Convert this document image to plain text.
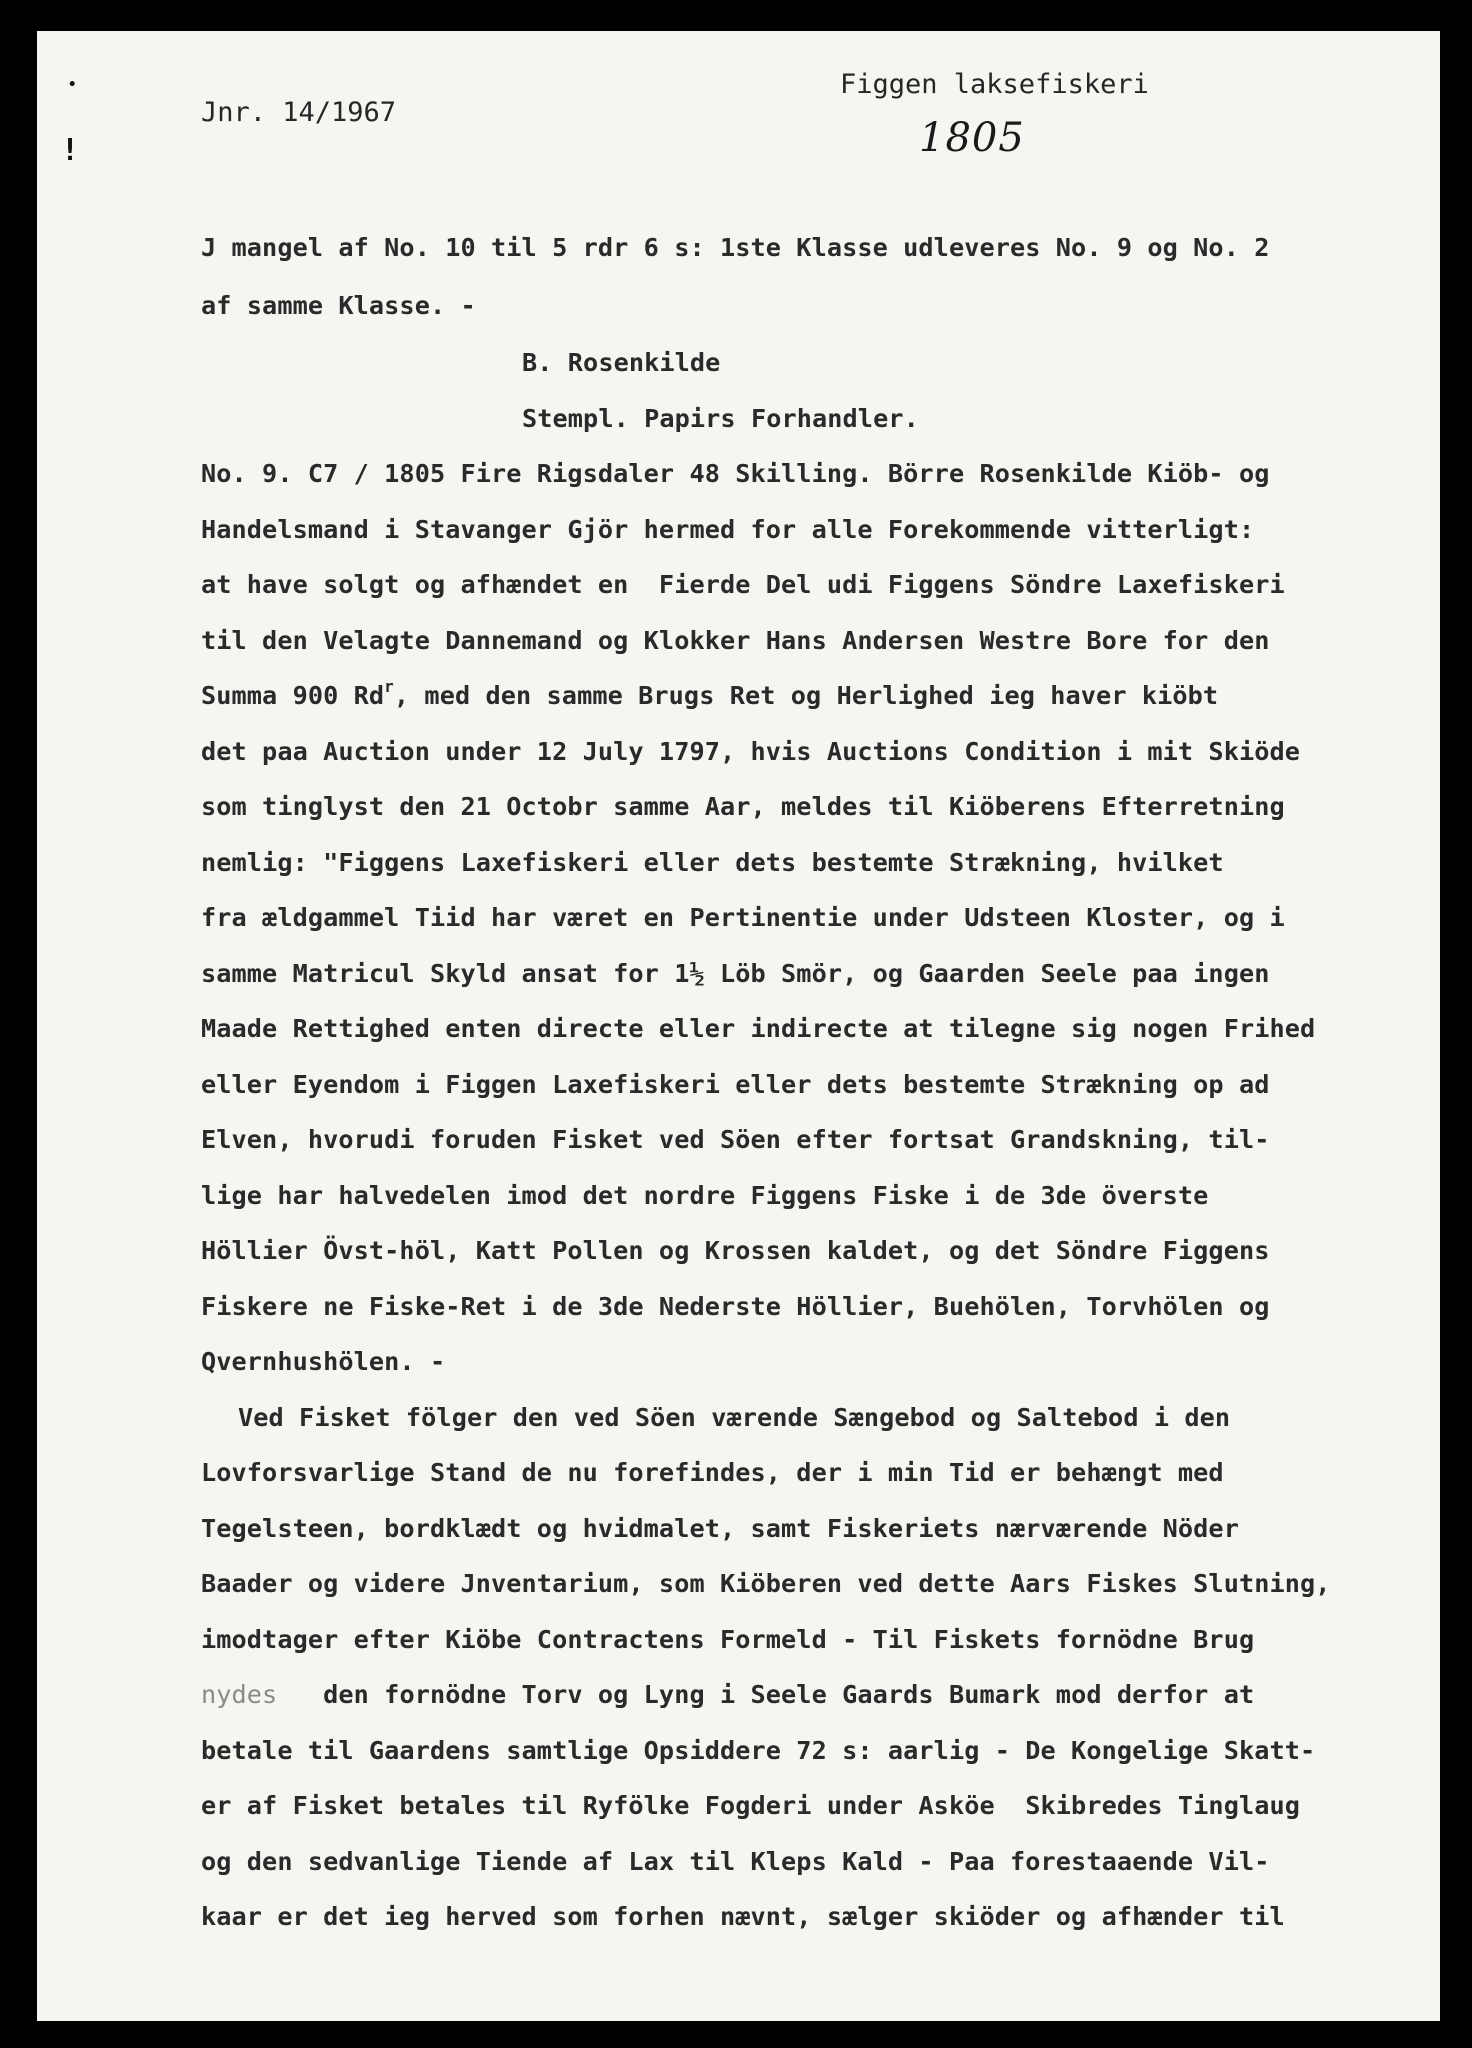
•
!
Jnr. 14/1967
Figgen laksefiskeri
1805
J mangel af No. 10 til 5 rdr 6 s: 1ste Klasse udleveres No. 9 og No. 2
af samme Klasse. -
B. Rosenkilde
Stempl. Papirs Forhandler.
No. 9. C7 / 1805 Fire Rigsdaler 48 Skilling. Börre Rosenkilde Kiöb- og
Handelsmand i Stavanger Gjör hermed for alle Forekommende vitterligt:
at have solgt og afhændet en  Fierde Del udi Figgens Söndre Laxefiskeri
til den Velagte Dannemand og Klokker Hans Andersen Westre Bore for den
Summa 900 Rd$^r$, med den samme Brugs Ret og Herlighed ieg haver kiöbt
det paa Auction under 12 July 1797, hvis Auctions Condition i mit Skiöde
som tinglyst den 21 Octobr samme Aar, meldes til Kiöberens Efterretning
nemlig: "Figgens Laxefiskeri eller dets bestemte Strækning, hvilket
fra ældgammel Tiid har været en Pertinentie under Udsteen Kloster, og i
samme Matricul Skyld ansat for 1½ Löb Smör, og Gaarden Seele paa ingen
Maade Rettighed enten directe eller indirecte at tilegne sig nogen Frihed
eller Eyendom i Figgen Laxefiskeri eller dets bestemte Strækning op ad
Elven, hvorudi foruden Fisket ved Söen efter fortsat Grandskning, til-
lige har halvedelen imod det nordre Figgens Fiske i de 3de överste
Höllier Övst-höl, Katt Pollen og Krossen kaldet, og det Söndre Figgens
Fiskere ne Fiske-Ret i de 3de Nederste Höllier, Buehölen, Torvhölen og
Qvernhushölen. -
Ved Fisket fölger den ved Söen værende Sængebod og Saltebod i den
Lovforsvarlige Stand de nu forefindes, der i min Tid er behængt med
Tegelsteen, bordklædt og hvidmalet, samt Fiskeriets nærværende Nöder
Baader og videre Jnventarium, som Kiöberen ved dette Aars Fiskes Slutning,
imodtager efter Kiöbe Contractens Formeld - Til Fiskets fornödne Brug
nydes   den fornödne Torv og Lyng i Seele Gaards Bumark mod derfor at
betale til Gaardens samtlige Opsiddere 72 s: aarlig - De Kongelige Skatt-
er af Fisket betales til Ryfölke Fogderi under Asköe  Skibredes Tinglaug
og den sedvanlige Tiende af Lax til Kleps Kald - Paa forestaaende Vil-
kaar er det ieg herved som forhen nævnt, sælger skiöder og afhænder til
